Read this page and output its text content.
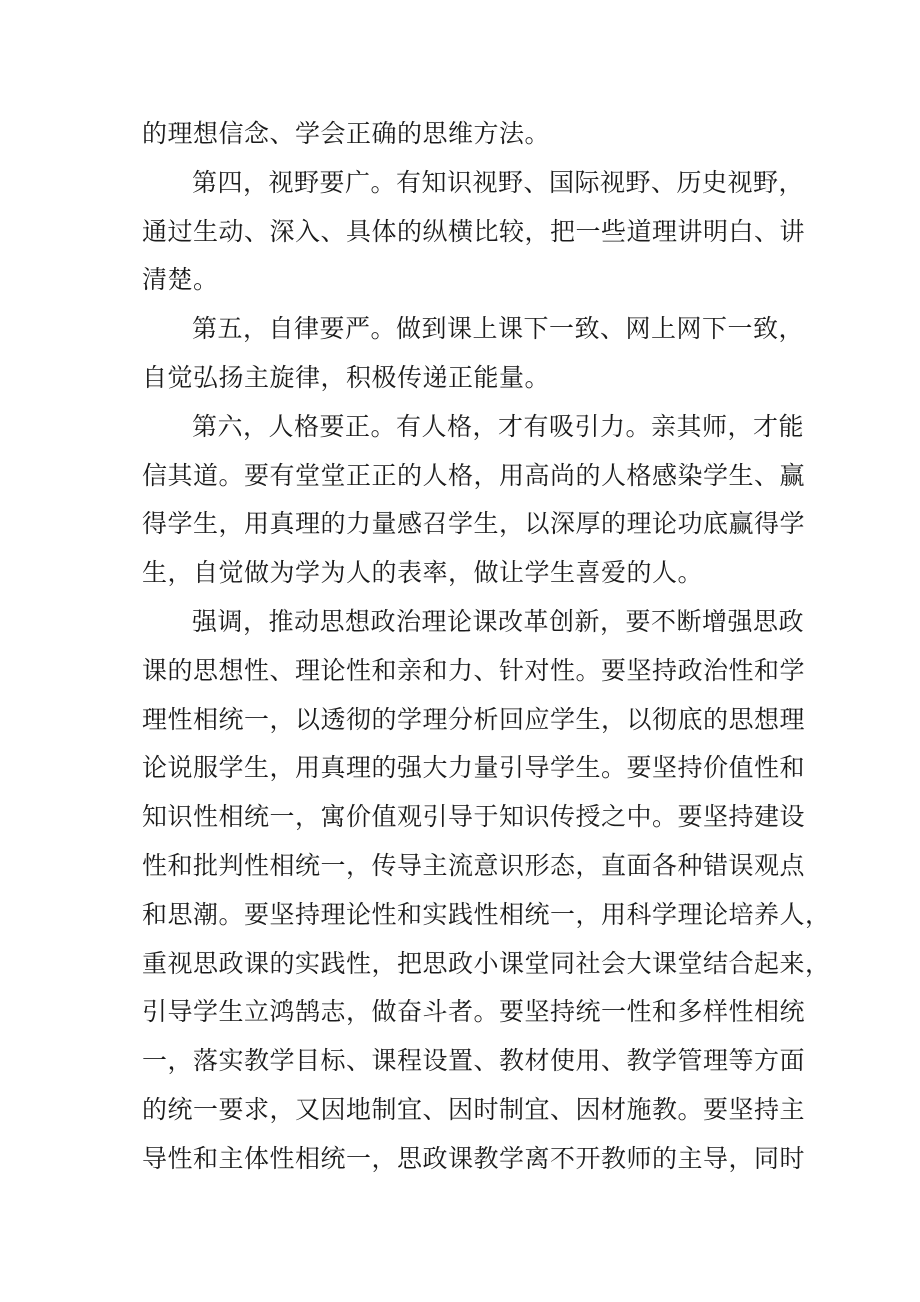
的理想信念、学会正确的思维方法。
第四，视野要广。有知识视野、国际视野、历史视野，
通过生动、深入、具体的纵横比较，把一些道理讲明白、讲
清楚。
第五，自律要严。做到课上课下一致、网上网下一致，
自觉弘扬主旋律，积极传递正能量。
第六，人格要正。有人格，才有吸引力。亲其师，才能
信其道。要有堂堂正正的人格，用高尚的人格感染学生、赢
得学生，用真理的力量感召学生，以深厚的理论功底赢得学
生，自觉做为学为人的表率，做让学生喜爱的人。
强调，推动思想政治理论课改革创新，要不断增强思政
课的思想性、理论性和亲和力、针对性。要坚持政治性和学
理性相统一，以透彻的学理分析回应学生，以彻底的思想理
论说服学生，用真理的强大力量引导学生。要坚持价值性和
知识性相统一，寓价值观引导于知识传授之中。要坚持建设
性和批判性相统一，传导主流意识形态，直面各种错误观点
和思潮。要坚持理论性和实践性相统一，用科学理论培养人，
重视思政课的实践性，把思政小课堂同社会大课堂结合起来，
引导学生立鸿鹄志，做奋斗者。要坚持统一性和多样性相统
一，落实教学目标、课程设置、教材使用、教学管理等方面
的统一要求，又因地制宜、因时制宜、因材施教。要坚持主
导性和主体性相统一，思政课教学离不开教师的主导，同时
